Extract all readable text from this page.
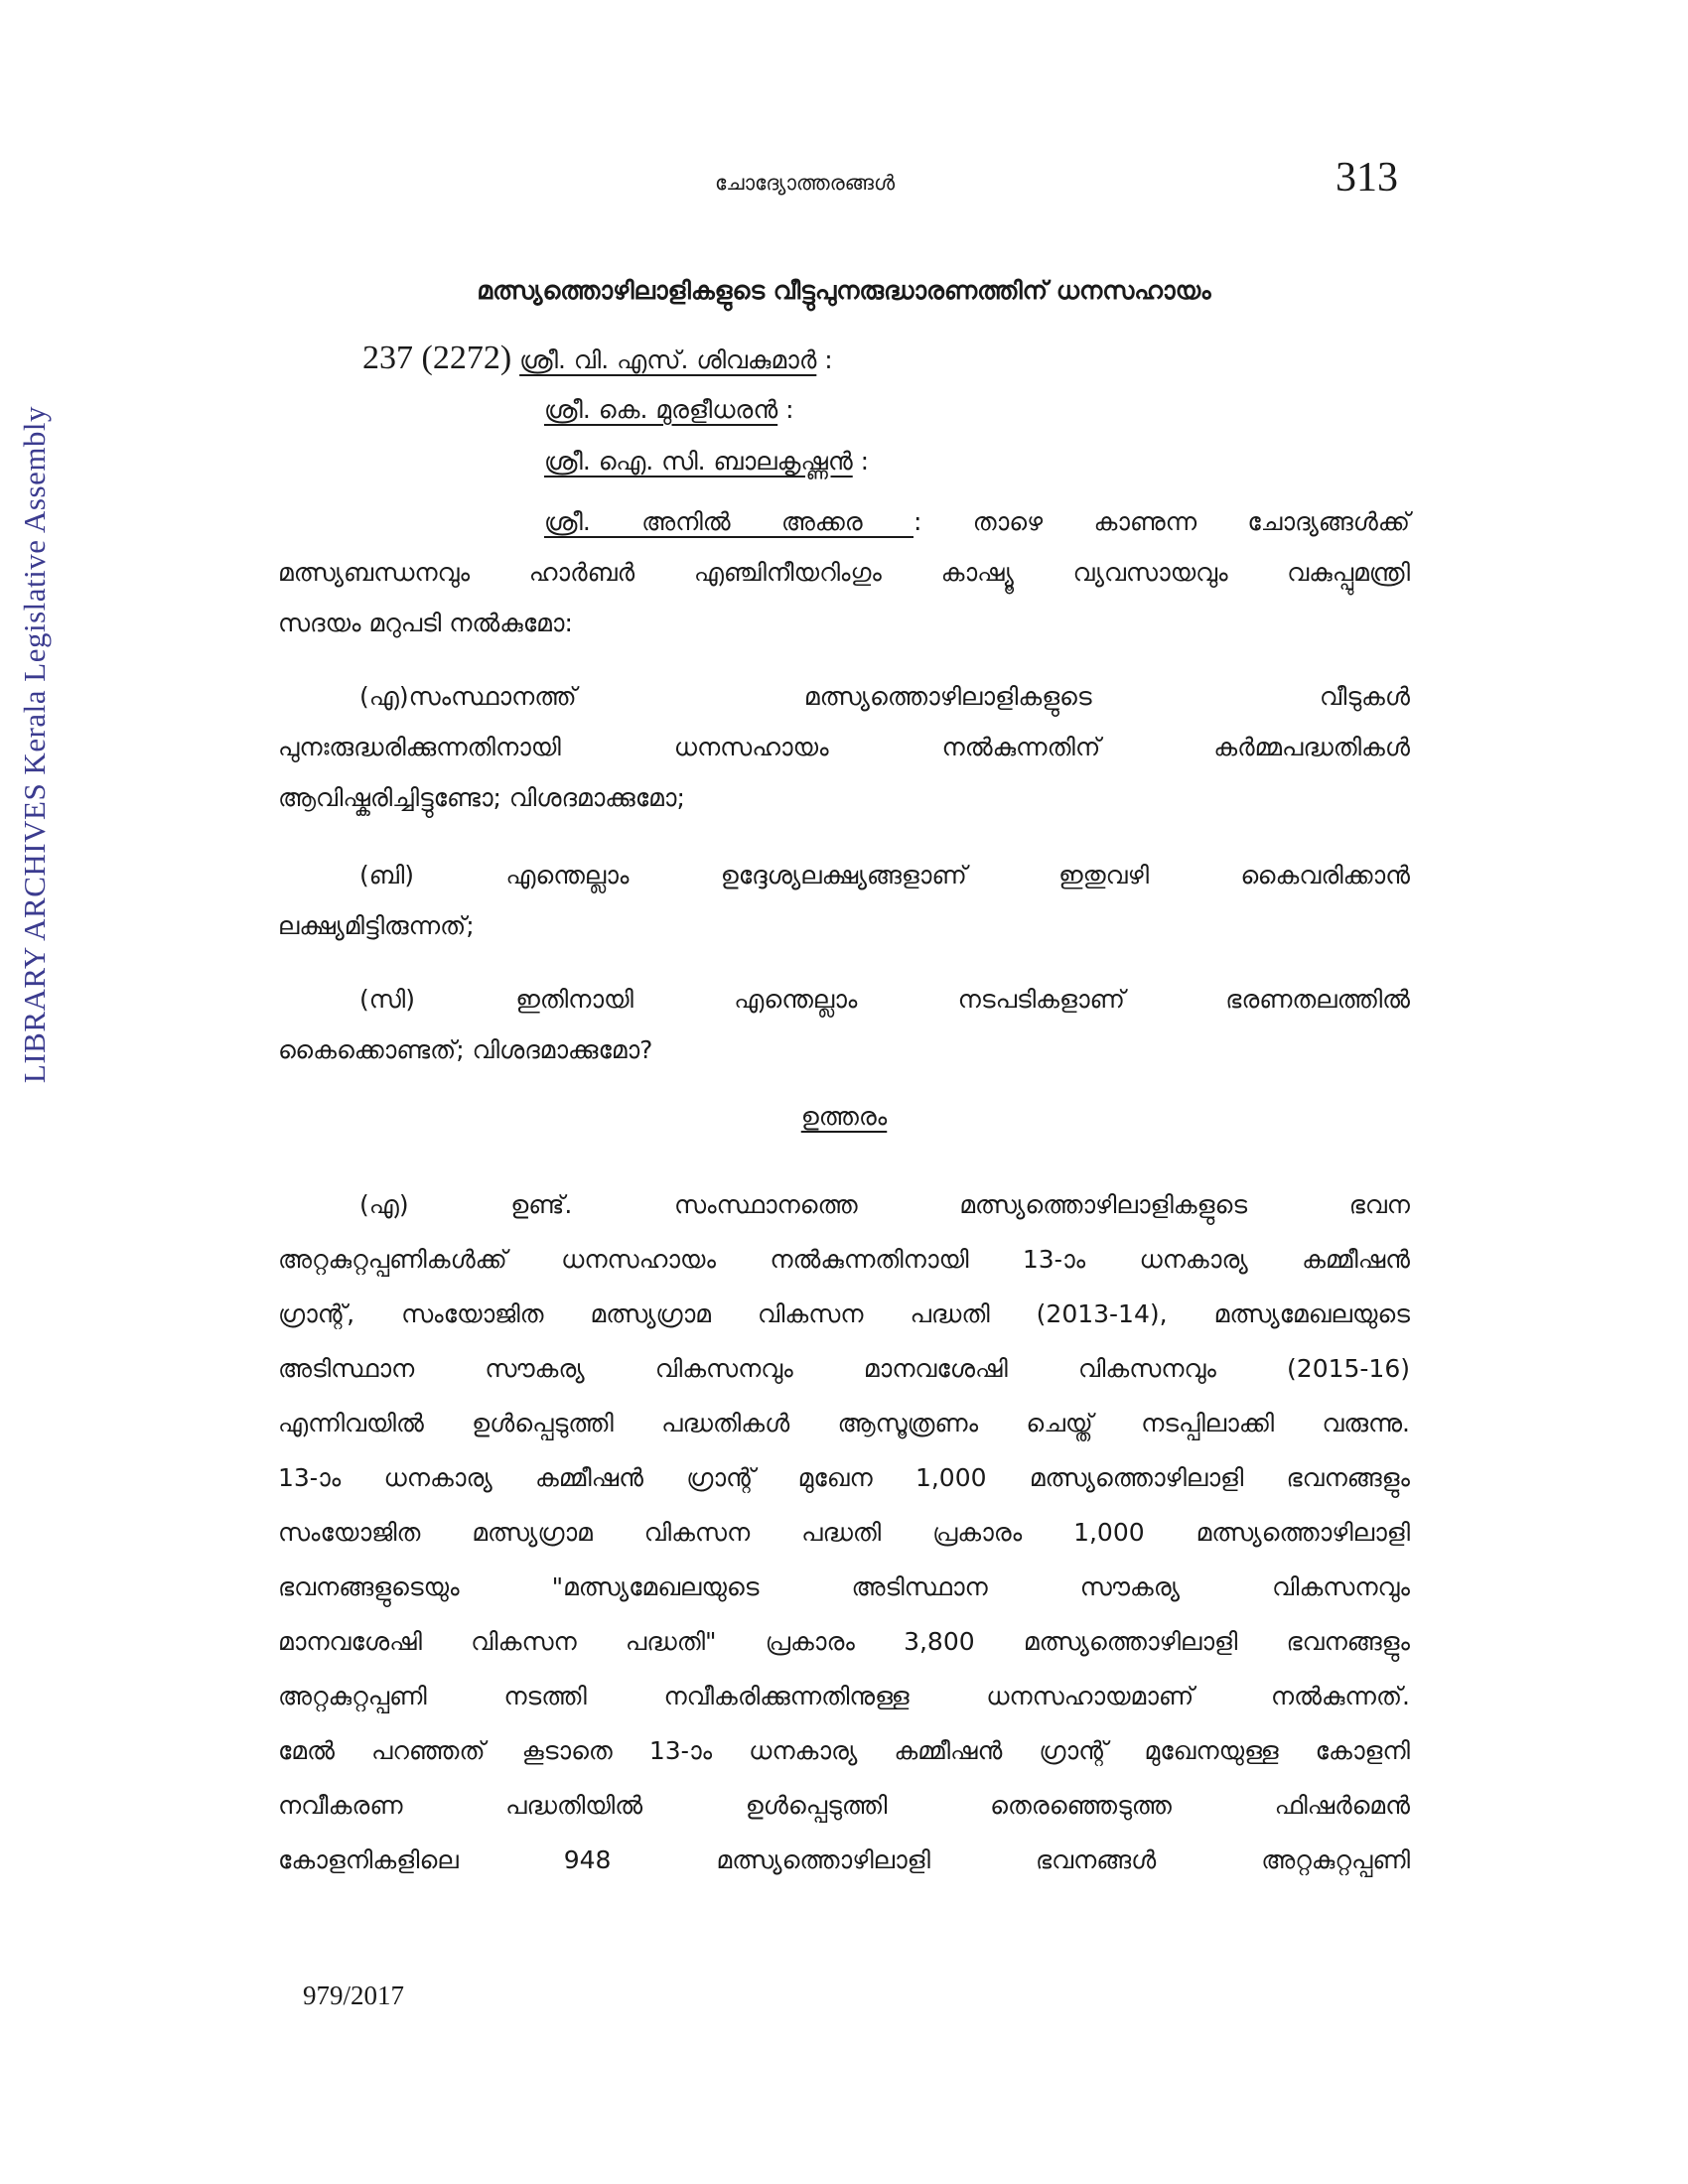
LIBRARY ARCHIVES Kerala Legislative Assembly
ചോദ്യോത്തരങ്ങൾ	313
മത്സ്യത്തൊഴിലാളികളുടെ വീട്ടുപുനരുദ്ധാരണത്തിന് ധനസഹായം
237 (2272) ശ്രീ. വി. എസ്. ശിവകുമാർ :
ശ്രീ. കെ. മുരളീധരൻ :
ശ്രീ. ഐ. സി. ബാലകൃഷ്ണൻ :
ശ്രീ. അനിൽ അക്കര : താഴെ കാണുന്ന ചോദ്യങ്ങൾക്ക്
മത്സ്യബന്ധനവും ഹാർബർ എഞ്ചിനീയറിംഗും കാഷ്യൂ വ്യവസായവും വകുപ്പുമന്ത്രി
സദയം മറുപടി നൽകുമോ:
(എ)സംസ്ഥാനത്ത് മത്സ്യത്തൊഴിലാളികളുടെ വീടുകൾ
പുനഃരുദ്ധരിക്കുന്നതിനായി ധനസഹായം നൽകുന്നതിന് കർമ്മപദ്ധതികൾ
ആവിഷ്കരിച്ചിട്ടുണ്ടോ; വിശദമാക്കുമോ;
(ബി) എന്തെല്ലാം ഉദ്ദേശ്യലക്ഷ്യങ്ങളാണ് ഇതുവഴി കൈവരിക്കാൻ
ലക്ഷ്യമിട്ടിരുന്നത്;
(സി) ഇതിനായി എന്തെല്ലാം നടപടികളാണ് ഭരണതലത്തിൽ
കൈക്കൊണ്ടത്; വിശദമാക്കുമോ?
ഉത്തരം
(എ) ഉണ്ട്. സംസ്ഥാനത്തെ മത്സ്യത്തൊഴിലാളികളുടെ ഭവന
അറ്റകുറ്റപ്പണികൾക്ക് ധനസഹായം നൽകുന്നതിനായി 13-ാം ധനകാര്യ കമ്മീഷൻ
ഗ്രാന്റ്, സംയോജിത മത്സ്യഗ്രാമ വികസന പദ്ധതി (2013-14), മത്സ്യമേഖലയുടെ
അടിസ്ഥാന സൗകര്യ വികസനവും മാനവശേഷി വികസനവും (2015-16)
എന്നിവയിൽ ഉൾപ്പെടുത്തി പദ്ധതികൾ ആസൂത്രണം ചെയ്ത് നടപ്പിലാക്കി വരുന്നു.
13-ാം ധനകാര്യ കമ്മീഷൻ ഗ്രാന്റ് മുഖേന 1,000 മത്സ്യത്തൊഴിലാളി ഭവനങ്ങളും
സംയോജിത മത്സ്യഗ്രാമ വികസന പദ്ധതി പ്രകാരം 1,000 മത്സ്യത്തൊഴിലാളി
ഭവനങ്ങളുടെയും "മത്സ്യമേഖലയുടെ അടിസ്ഥാന സൗകര്യ വികസനവും
മാനവശേഷി വികസന പദ്ധതി" പ്രകാരം 3,800 മത്സ്യത്തൊഴിലാളി ഭവനങ്ങളും
അറ്റകുറ്റപ്പണി നടത്തി നവീകരിക്കുന്നതിനുള്ള ധനസഹായമാണ് നൽകുന്നത്.
മേൽ പറഞ്ഞത് കൂടാതെ 13-ാം ധനകാര്യ കമ്മീഷൻ ഗ്രാന്റ് മുഖേനയുള്ള കോളനി
നവീകരണ പദ്ധതിയിൽ ഉൾപ്പെടുത്തി തെരഞ്ഞെടുത്ത ഫിഷർമെൻ
കോളനികളിലെ 948 മത്സ്യത്തൊഴിലാളി ഭവനങ്ങൾ അറ്റകുറ്റപ്പണി
979/2017
